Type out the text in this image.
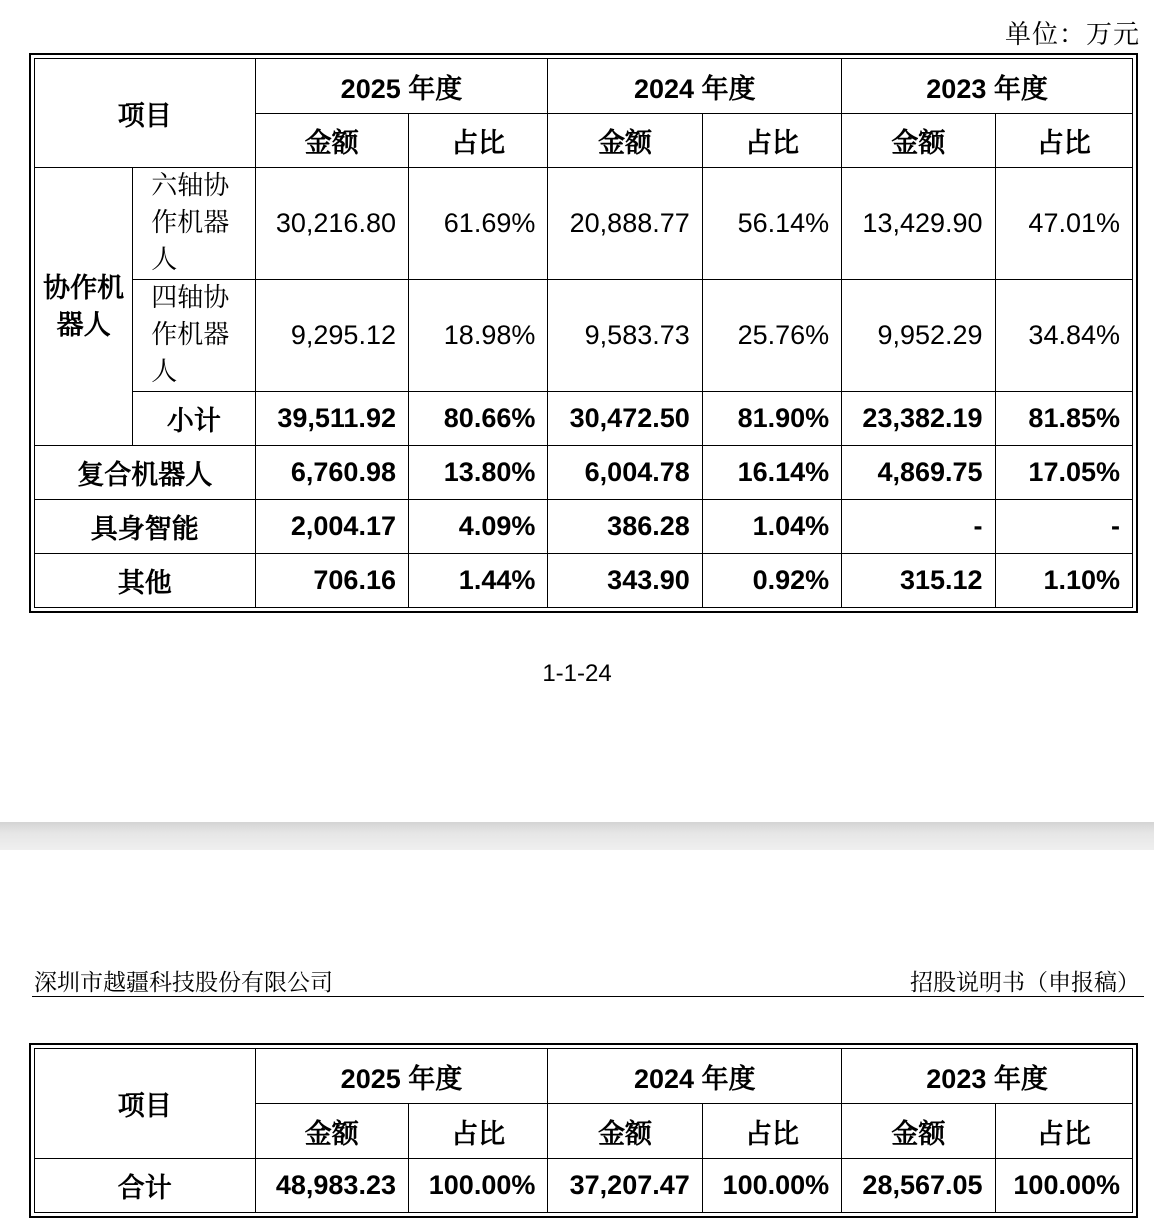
单位：万元
项目		2025 年度		2024 年度		2023 年度	
		金额	占比	金额	占比	金额	占比
协作机器人	六轴协作机器人	30,216.80	61.69%	20,888.77	56.14%	13,429.90	47.01%
	四轴协作机器人	9,295.12	18.98%	9,583.73	25.76%	9,952.29	34.84%
	小计	39,511.92	80.66%	30,472.50	81.90%	23,382.19	81.85%
复合机器人		6,760.98	13.80%	6,004.78	16.14%	4,869.75	17.05%
具身智能		2,004.17	4.09%	386.28	1.04%	-	-
其他		706.16	1.44%	343.90	0.92%	315.12	1.10%
1-1-24
深圳市越疆科技股份有限公司	招股说明书（申报稿）
项目	2025 年度		2024 年度		2023 年度	
	金额	占比	金额	占比	金额	占比
合计	48,983.23	100.00%	37,207.47	100.00%	28,567.05	100.00%
